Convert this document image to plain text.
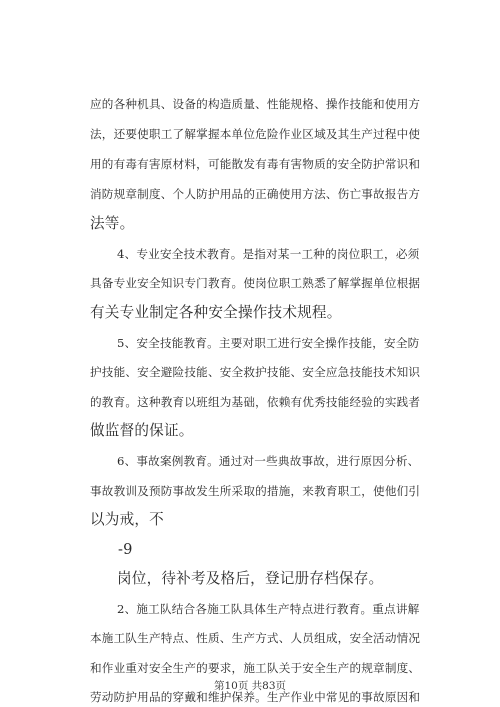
应的各种机具、设备的构造质量、性能规格、操作技能和使用方
法，还要使职工了解掌握本单位危险作业区域及其生产过程中使
用的有毒有害原材料，可能散发有毒有害物质的安全防护常识和
消防规章制度、个人防护用品的正确使用方法、伤亡事故报告方
法等。
4、专业安全技术教育。是指对某一工种的岗位职工，必须
具备专业安全知识专门教育。使岗位职工熟悉了解掌握单位根据
有关专业制定各种安全操作技术规程。
5、安全技能教育。主要对职工进行安全操作技能，安全防
护技能、安全避险技能、安全救护技能、安全应急技能技术知识
的教育。这种教育以班组为基础，依赖有优秀技能经验的实践者
做监督的保证。
6、事故案例教育。通过对一些典故事故，进行原因分析、
事故教训及预防事故发生所采取的措施，来教育职工，使他们引
以为戒，不
-9
岗位，待补考及格后，登记册存档保存。
2、施工队结合各施工队具体生产特点进行教育。重点讲解
本施工队生产特点、性质、生产方式、人员组成，安全活动情况
和作业重对安全生产的要求，施工队关于安全生产的规章制度、
劳动防护用品的穿戴和维护保养。生产作业中常见的事故原因和
第10页 共83页
